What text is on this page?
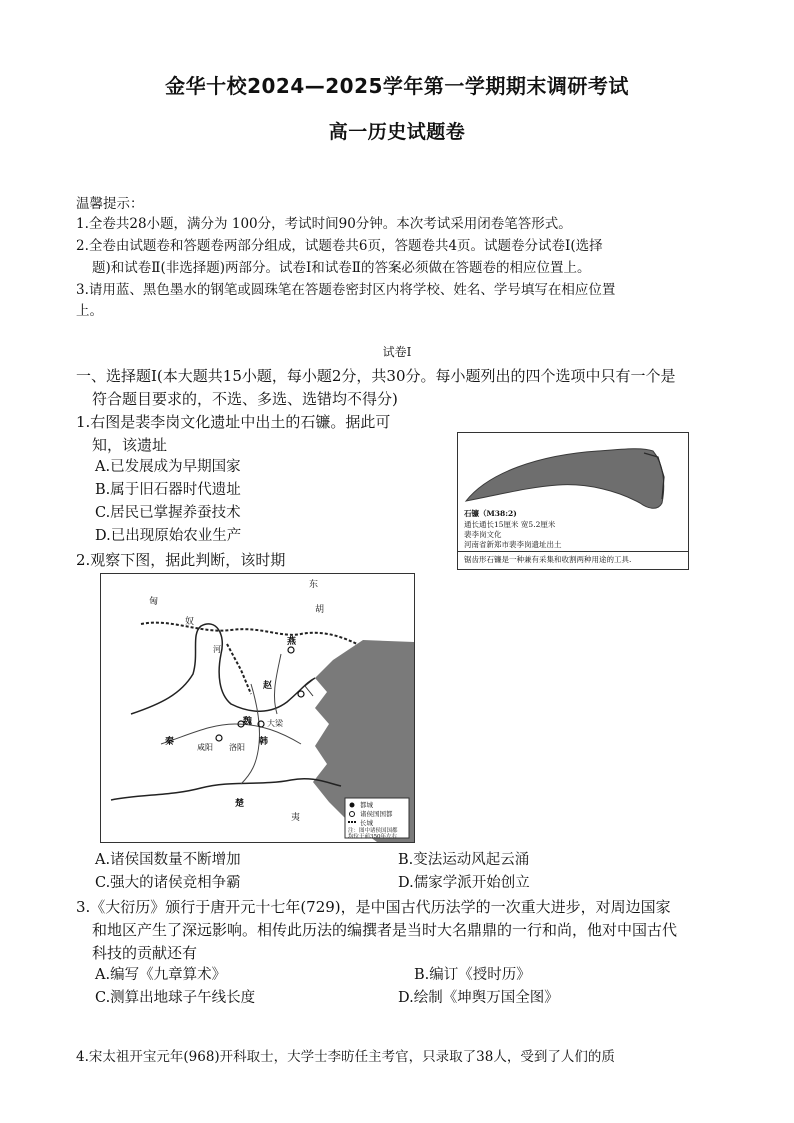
金华十校2024—2025学年第一学期期末调研考试
高一历史试题卷
温馨提示：
1.全卷共28小题，满分为 100分，考试时间90分钟。本次考试采用闭卷笔答形式。
2.全卷由试题卷和答题卷两部分组成，试题卷共6页，答题卷共4页。试题卷分试卷Ⅰ(选择
题)和试卷Ⅱ(非选择题)两部分。试卷Ⅰ和试卷Ⅱ的答案必须做在答题卷的相应位置上。
3.请用蓝、黑色墨水的钢笔或圆珠笔在答题卷密封区内将学校、姓名、学号填写在相应位置
上。
试卷Ⅰ
一、选择题Ⅰ(本大题共15小题，每小题2分，共30分。每小题列出的四个选项中只有一个是
符合题目要求的，不选、多选、选错均不得分)
1.右图是裴李岗文化遗址中出土的石镰。据此可
知，该遗址
A.已发展成为早期国家
B.属于旧石器时代遗址
C.居民已掌握养蚕技术
D.已出现原始农业生产
石镰（M38:2)
通长通长15厘米 宽5.2厘米
裴李岗文化
河南省新郑市裴李岗遗址出土
锯齿形石镰是一种兼有采集和收割两种用途的工具.
2.观察下图，据此判断，该时期
东
胡
匈
奴
燕
赵
魏
韩
秦
咸阳 洛阳
大梁
楚
河
夷
都城
诸侯国国都
长城
注：图中诸侯国国都
均位于前350年左右
A.诸侯国数量不断增加	B.变法运动风起云涌
C.强大的诸侯竞相争霸	D.儒家学派开始创立
3.《大衍历》颁行于唐开元十七年(729)，是中国古代历法学的一次重大进步，对周边国家
和地区产生了深远影响。相传此历法的编撰者是当时大名鼎鼎的一行和尚，他对中国古代
科技的贡献还有
A.编写《九章算术》	B.编订《授时历》
C.测算出地球子午线长度	D.绘制《坤舆万国全图》
4.宋太祖开宝元年(968)开科取士，大学士李昉任主考官，只录取了38人，受到了人们的质
